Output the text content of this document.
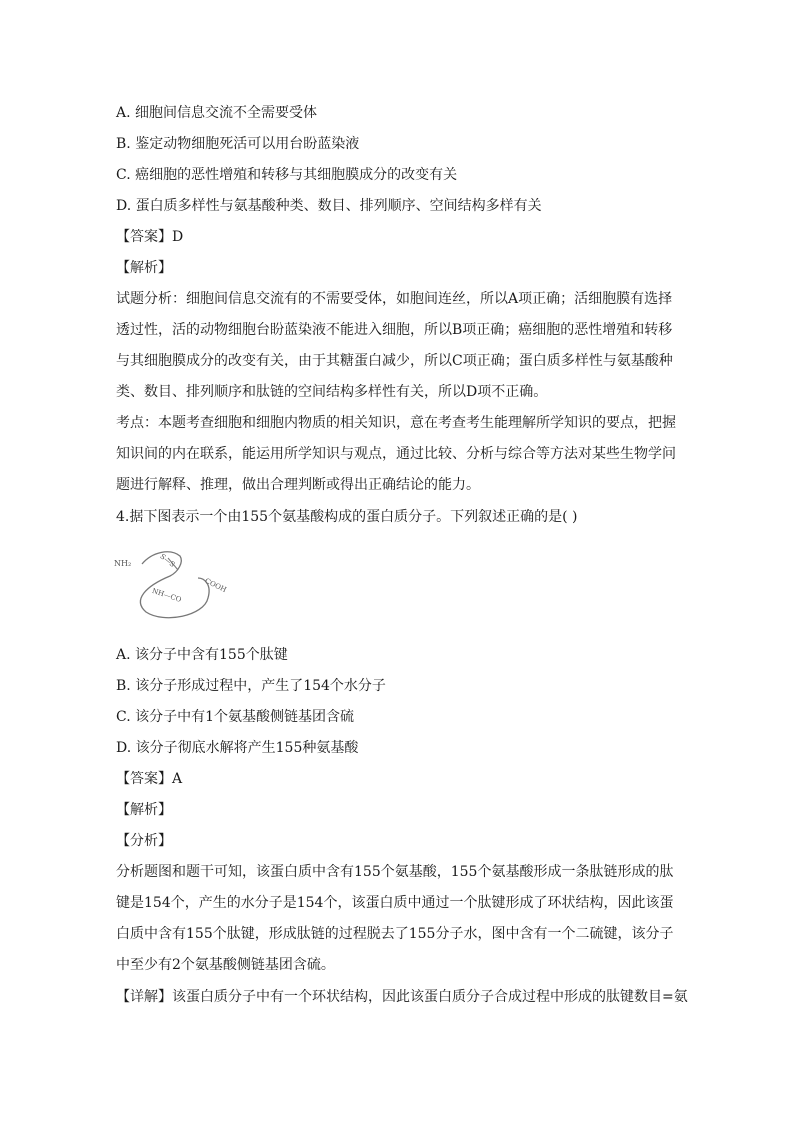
A. 细胞间信息交流不全需要受体
B. 鉴定动物细胞死活可以用台盼蓝染液
C. 癌细胞的恶性增殖和转移与其细胞膜成分的改变有关
D. 蛋白质多样性与氨基酸种类、数目、排列顺序、空间结构多样有关
【答案】D
【解析】

试题分析：细胞间信息交流有的不需要受体，如胞间连丝，所以A项正确；活细胞膜有选择透过性，活的动物细胞台盼蓝染液不能进入细胞，所以B项正确；癌细胞的恶性增殖和转移与其细胞膜成分的改变有关，由于其糖蛋白减少，所以C项正确；蛋白质多样性与氨基酸种类、数目、排列顺序和肽链的空间结构多样性有关，所以D项不正确。

考点：本题考查细胞和细胞内物质的相关知识，意在考查考生能理解所学知识的要点，把握知识间的内在联系，能运用所学知识与观点，通过比较、分析与综合等方法对某些生物学问题进行解释、推理，做出合理判断或得出正确结论的能力。

4.据下图表示一个由155个氨基酸构成的蛋白质分子。下列叙述正确的是( )
NH₂	S—S
NH—CO
COOH
A. 该分子中含有155个肽键
B. 该分子形成过程中，产生了154个水分子
C. 该分子中有1个氨基酸侧链基团含硫
D. 该分子彻底水解将产生155种氨基酸
【答案】A
【解析】
【分析】

分析题图和题干可知，该蛋白质中含有155个氨基酸，155个氨基酸形成一条肽链形成的肽键是154个，产生的水分子是154个，该蛋白质中通过一个肽键形成了环状结构，因此该蛋白质中含有155个肽键，形成肽链的过程脱去了155分子水，图中含有一个二硫键，该分子中至少有2个氨基酸侧链基团含硫。

【详解】该蛋白质分子中有一个环状结构，因此该蛋白质分子合成过程中形成的肽键数目=氨
